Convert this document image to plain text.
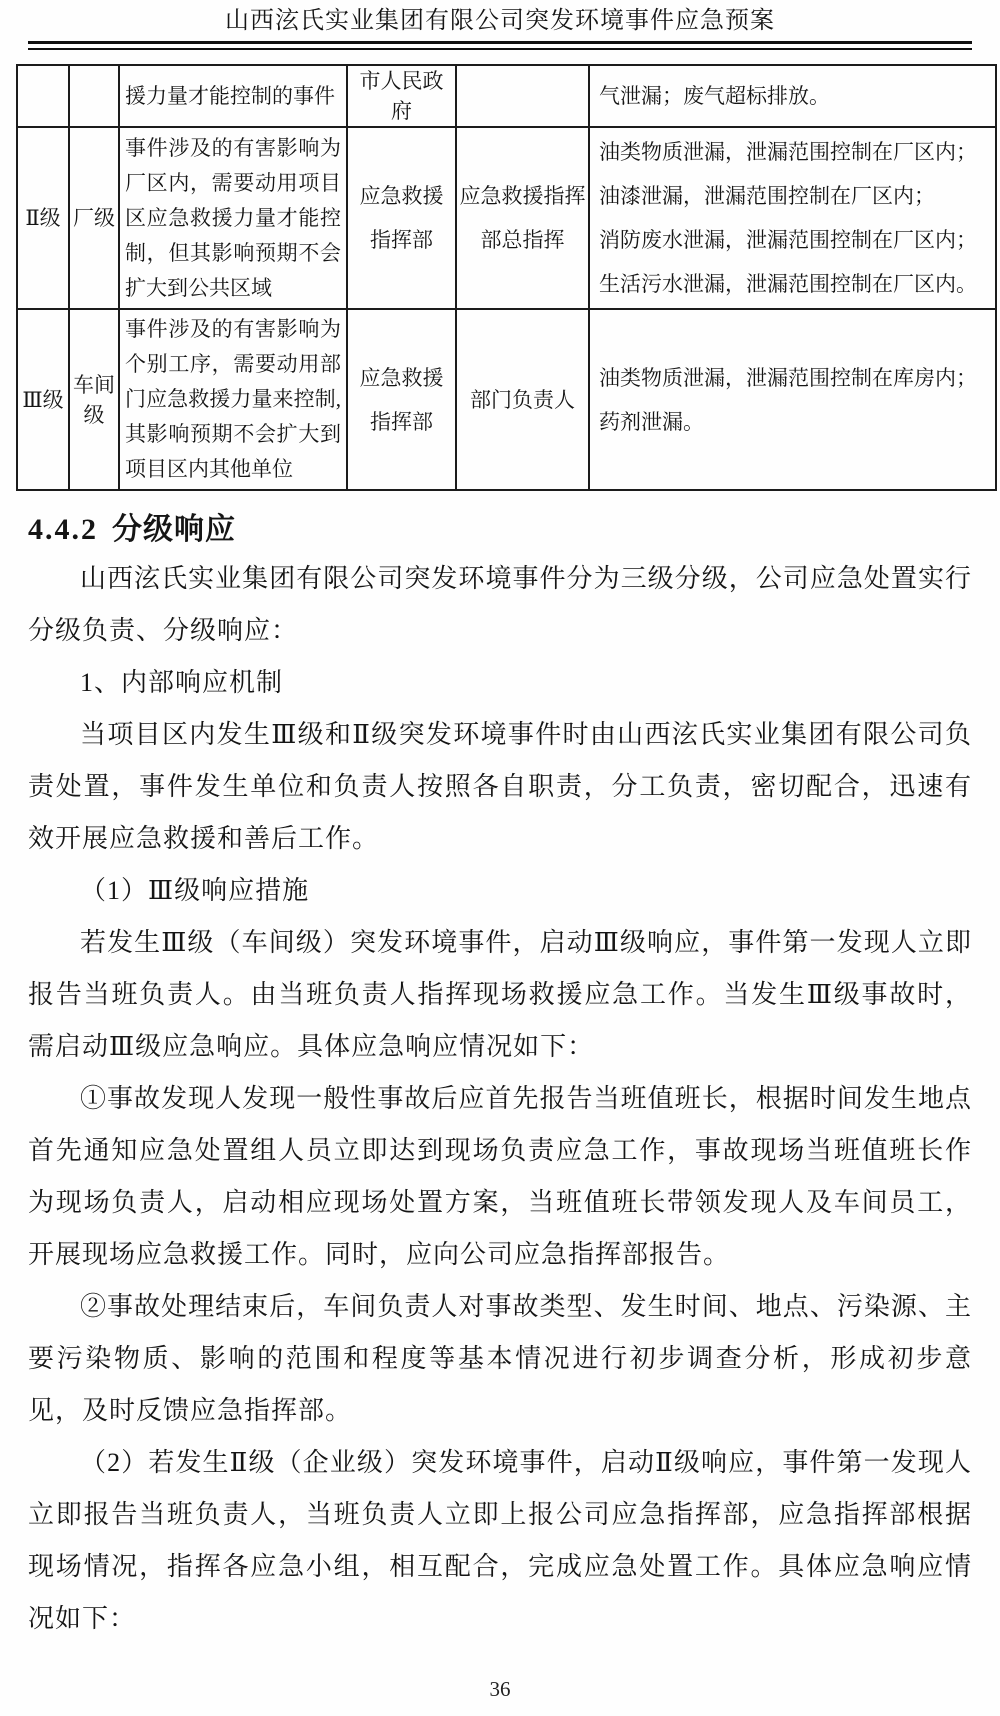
山西泫氏实业集团有限公司突发环境事件应急预案
		援力量才能控制的事件	市人民政府		气泄漏；废气超标排放。

Ⅱ级	厂级	事件涉及的有害影响为厂区内，需要动用项目区应急救援力量才能控制，但其影响预期不会扩大到公共区域	应急救援指挥部	应急救援指挥部总指挥	油类物质泄漏，泄漏范围控制在厂区内；
油漆泄漏，泄漏范围控制在厂区内；
消防废水泄漏，泄漏范围控制在厂区内；
生活污水泄漏，泄漏范围控制在厂区内。

Ⅲ级	车间级	事件涉及的有害影响为个别工序，需要动用部门应急救援力量来控制,其影响预期不会扩大到项目区内其他单位	应急救援指挥部	部门负责人	油类物质泄漏，泄漏范围控制在库房内；
药剂泄漏。
4.4.2 分级响应

山西泫氏实业集团有限公司突发环境事件分为三级分级，公司应急处置实行分级负责、分级响应：

1、内部响应机制

当项目区内发生Ⅲ级和Ⅱ级突发环境事件时由山西泫氏实业集团有限公司负责处置，事件发生单位和负责人按照各自职责，分工负责，密切配合，迅速有效开展应急救援和善后工作。

（1）Ⅲ级响应措施

若发生Ⅲ级（车间级）突发环境事件，启动Ⅲ级响应，事件第一发现人立即报告当班负责人。由当班负责人指挥现场救援应急工作。当发生Ⅲ级事故时，需启动Ⅲ级应急响应。具体应急响应情况如下：

①事故发现人发现一般性事故后应首先报告当班值班长，根据时间发生地点首先通知应急处置组人员立即达到现场负责应急工作，事故现场当班值班长作为现场负责人，启动相应现场处置方案，当班值班长带领发现人及车间员工，开展现场应急救援工作。同时，应向公司应急指挥部报告。

②事故处理结束后，车间负责人对事故类型、发生时间、地点、污染源、主要污染物质、影响的范围和程度等基本情况进行初步调查分析，形成初步意见，及时反馈应急指挥部。

（2）若发生Ⅱ级（企业级）突发环境事件，启动Ⅱ级响应，事件第一发现人立即报告当班负责人，当班负责人立即上报公司应急指挥部，应急指挥部根据现场情况，指挥各应急小组，相互配合，完成应急处置工作。具体应急响应情况如下：

36
